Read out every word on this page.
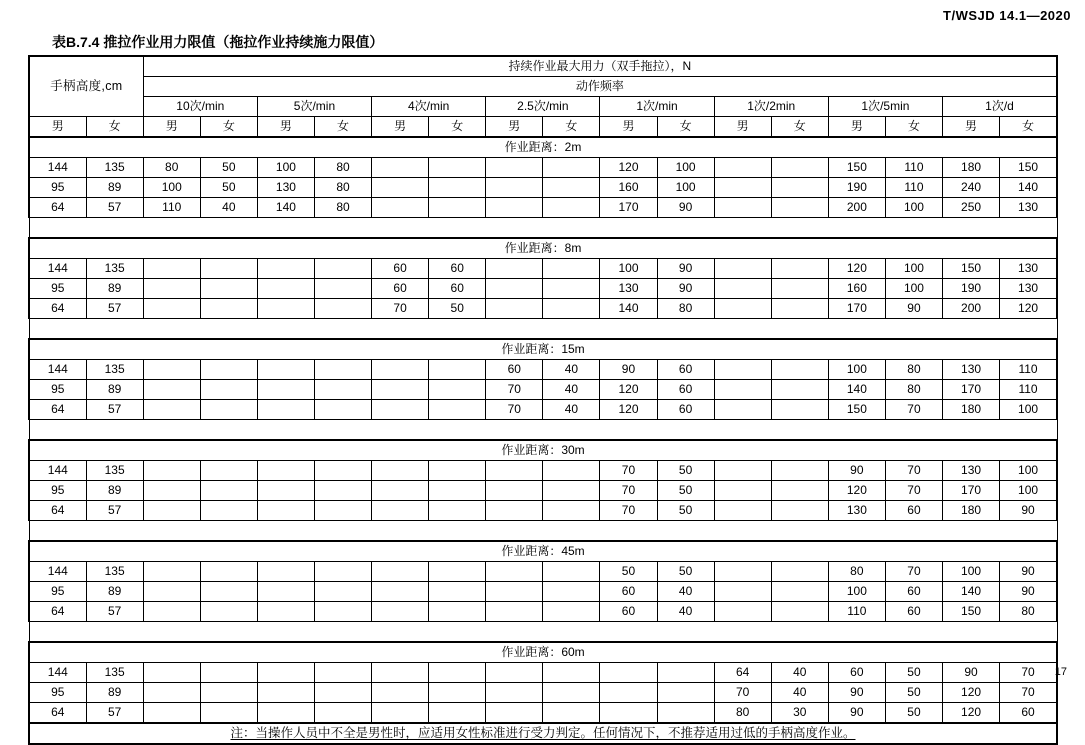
T/WSJD 14.1—2020
表B.7.4 推拉作业用力限值（拖拉作业持续施力限值）
手柄高度,cm		持续作业最大用力（双手拖拉），N															
		动作频率															
		10次/min		5次/min		4次/min		2.5次/min		1次/min		1次/2min		1次/5min		1次/d	
男	女	男	女	男	女	男	女	男	女	男	女	男	女	男	女	男	女
作业距离：2m																	
144	135	80	50	100	80					120	100			150	110	180	150
95	89	100	50	130	80					160	100			190	110	240	140
64	57	110	40	140	80					170	90			200	100	250	130

作业距离：8m																	
144	135					60	60			100	90			120	100	150	130
95	89					60	60			130	90			160	100	190	130
64	57					70	50			140	80			170	90	200	120

作业距离：15m																	
144	135							60	40	90	60			100	80	130	110
95	89							70	40	120	60			140	80	170	110
64	57							70	40	120	60			150	70	180	100

作业距离：30m																	
144	135									70	50			90	70	130	100
95	89									70	50			120	70	170	100
64	57									70	50			130	60	180	90

作业距离：45m																	
144	135									50	50			80	70	100	90
95	89									60	40			100	60	140	90
64	57									60	40			110	60	150	80

作业距离：60m																	
144	135											64	40	60	50	90	70
95	89											70	40	90	50	120	70
64	57											80	30	90	50	120	60
注：当操作人员中不全是男性时，应适用女性标准进行受力判定。任何情况下，不推荐适用过低的手柄高度作业。																	
17
